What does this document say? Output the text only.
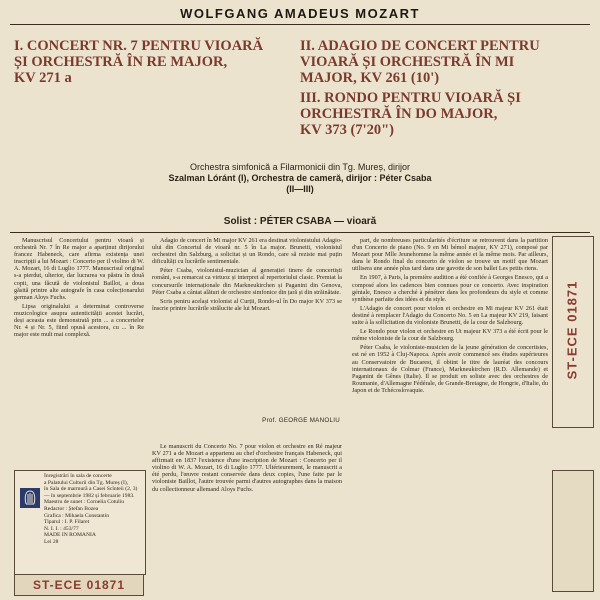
WOLFGANG AMADEUS MOZART
I. CONCERT NR. 7 PENTRU VIOARĂ
ȘI ORCHESTRĂ ÎN RE MAJOR,
KV 271 a
II. ADAGIO DE CONCERT PENTRU
VIOARĂ ȘI ORCHESTRĂ ÎN MI
MAJOR, KV 261 (10')
III. RONDO PENTRU VIOARĂ ȘI
ORCHESTRĂ ÎN DO MAJOR,
KV 373 (7'20")
Orchestra simfonică a Filarmonicii din Tg. Mureș, dirijor
Szalman Lóránt (I), Orchestra de cameră, dirijor : Péter Csaba
(II—III)
Solist : PÉTER CSABA — vioară

Manuscrisul Concertului pentru vioară și orchestră Nr. 7 în Re major a aparținut dirijorului francez Habeneck, care afirma existența unei inscripții a lui Mozart : Concerto per il violino di W. A. Mozart, 16 di Luglio 1777. Manuscrisul original s-a pierdut, ulterior, dar lucrarea va păstra în două copii, una făcută de violonistul Baillot, a doua găsită printre alte autografe în casa colecționarului german Aloys Fuchs.

Lipsa originalului a determinat controverse muzicologice asupra autenticității acestei lucrări, deși aceasta este demonstrată prin ... a concertelor Nr. 4 și Nr. 5, fiind opusă acestora, cu ... în Re major este mult mai complexă.

Adagio de concert în Mi major KV 261 era destinat violonistului Adagio-ului din Concertul de vioară nr. 5 în La major. Brunetti, violonistul orchestrei din Salzburg, a solicitat și un Rondo, care să reziste mai puțin dificultăți cu lucrările sentimentale.

Péter Csaba, violonistul-muzician al generației tinere de concertiști români, s-a remarcat ca virtuoz și interpret al repertoriului clasic. Premiat la concursurile internaționale din Markneukirchen și Paganini din Genova, Péter Csaba a cântat alături de orchestre simfonice din țară și din străinătate.

Scris pentru același violonist al Curții, Rondo-ul în Do major KV 373 se înscrie printre lucrările strălucite ale lui Mozart.

Prof. GEORGE MANOLIU

Le manuscrit du Concerto No. 7 pour violon et orchestre en Ré majeur KV 271 a de Mozart a appartenu au chef d'orchestre français Habeneck, qui affirmait en 1837 l'existence d'une inscription de Mozart : Concerto per il violino di W. A. Mozart, 16 di Luglio 1777. Ultérieurement, le manuscrit a été perdu, l'œuvre restant conservée dans deux copies, l'une faite par le violoniste Baillot, l'autre trouvée parmi d'autres autographes dans la maison du collectionneur allemand Aloys Fuchs.

part, de nombreuses particularités d'écriture se retrouvent dans la partition d'un Concerto de piano (No. 9 en Mi bémol majeur, KV 271), composé par Mozart pour Mlle Jeunehomme la même année et la même mois. Par ailleurs, dans le Rondo final du concerto de violon se trouve un motif que Mozart utilisera une année plus tard dans une gavotte de son ballet Les petits riens.

En 1907, à Paris, la première audition a été confiée à Georges Enesco, qui a composé alors les cadences bien connues pour ce concerto. Avec inspiration géniale, Enesco a cherché à pénétrer dans les profondeurs du style et comme synthèse parfaite des idées et du style.

L'Adagio de concert pour violon et orchestre en Mi majeur KV 261 était destiné à remplacer l'Adagio du Concerto No. 5 en La majeur KV 219, faisant suite à la sollicitation du violoniste Brunetti, de la cour de Salzbourg.

Le Rondo pour violon et orchestre en Ut majeur KV 373 a été écrit pour le même violoniste de la cour de Salzbourg.

Péter Csaba, le violoniste-musicien de la jeune génération de concertistes, est né en 1952 à Cluj-Napoca. Après avoir commencé ses études supérieures au Conservatoire de Bucarest, il obtint le titre de lauréat des concours internationaux de Colmar (France), Markneukirchen (R.D. Allemande) et Paganini de Gênes (Italie). Il se produit en soliste avec des orchestres de Roumanie, d'Allemagne Fédérale, de Grande-Bretagne, de Hongrie, d'Italie, du Japon et de Tchécoslovaquie.

ST-ECE 01871
Înregistrări în sala de concerte
a Palatului Culturii din Tg. Mureș (I),
în Sala de marmură a Casei Scînteii (2, 3)
— în septembrie 1982 și februarie 1983.
Maestru de sunet : Cornelia Cotuliu
Redactor : Ștefan Bozea
Grafica : Mihaela Constantin
Tiparul : I. P. Filaret
N. I. I. : 453/77
MADE IN ROMANIA
Lei 28
ST-ECE 01871
